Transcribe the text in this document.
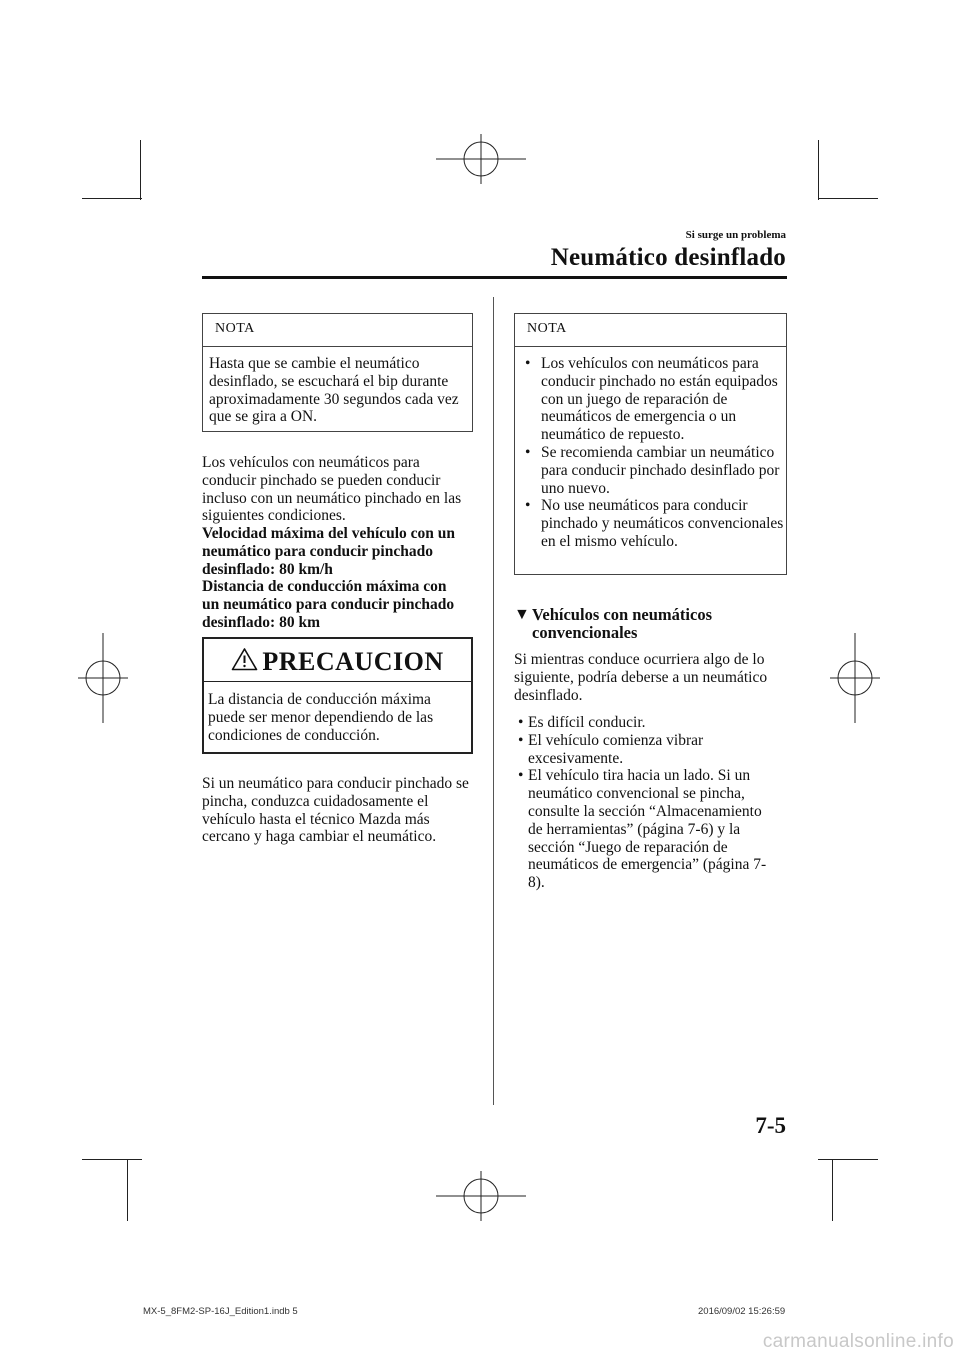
Si surge un problema
Neumático desinflado
NOTA
Hasta que se cambie el neumático desinflado, se escuchará el bip durante aproximadamente 30 segundos cada vez que se gira a ON.
Los vehículos con neumáticos para conducir pinchado se pueden conducir incluso con un neumático pinchado en las siguientes condiciones.
Velocidad máxima del vehículo con un neumático para conducir pinchado desinflado: 80 km/h
Distancia de conducción máxima con un neumático para conducir pinchado desinflado: 80 km
PRECAUCION
La distancia de conducción máxima puede ser menor dependiendo de las condiciones de conducción.
Si un neumático para conducir pinchado se pincha, conduzca cuidadosamente el vehículo hasta el técnico Mazda más cercano y haga cambiar el neumático.
NOTA
• Los vehículos con neumáticos para conducir pinchado no están equipados con un juego de reparación de neumáticos de emergencia o un neumático de repuesto.
• Se recomienda cambiar un neumático para conducir pinchado desinflado por uno nuevo.
• No use neumáticos para conducir pinchado y neumáticos convencionales en el mismo vehículo.
▼ Vehículos con neumáticos convencionales
Si mientras conduce ocurriera algo de lo siguiente, podría deberse a un neumático desinflado.
• Es difícil conducir.
• El vehículo comienza vibrar excesivamente.
• El vehículo tira hacia un lado. Si un neumático convencional se pincha, consulte la sección “Almacenamiento de herramientas” (página 7-6) y la sección “Juego de reparación de neumáticos de emergencia” (página 7-8).
7-5
MX-5_8FM2-SP-16J_Edition1.indb 5	2016/09/02 15:26:59
carmanualsonline.info
